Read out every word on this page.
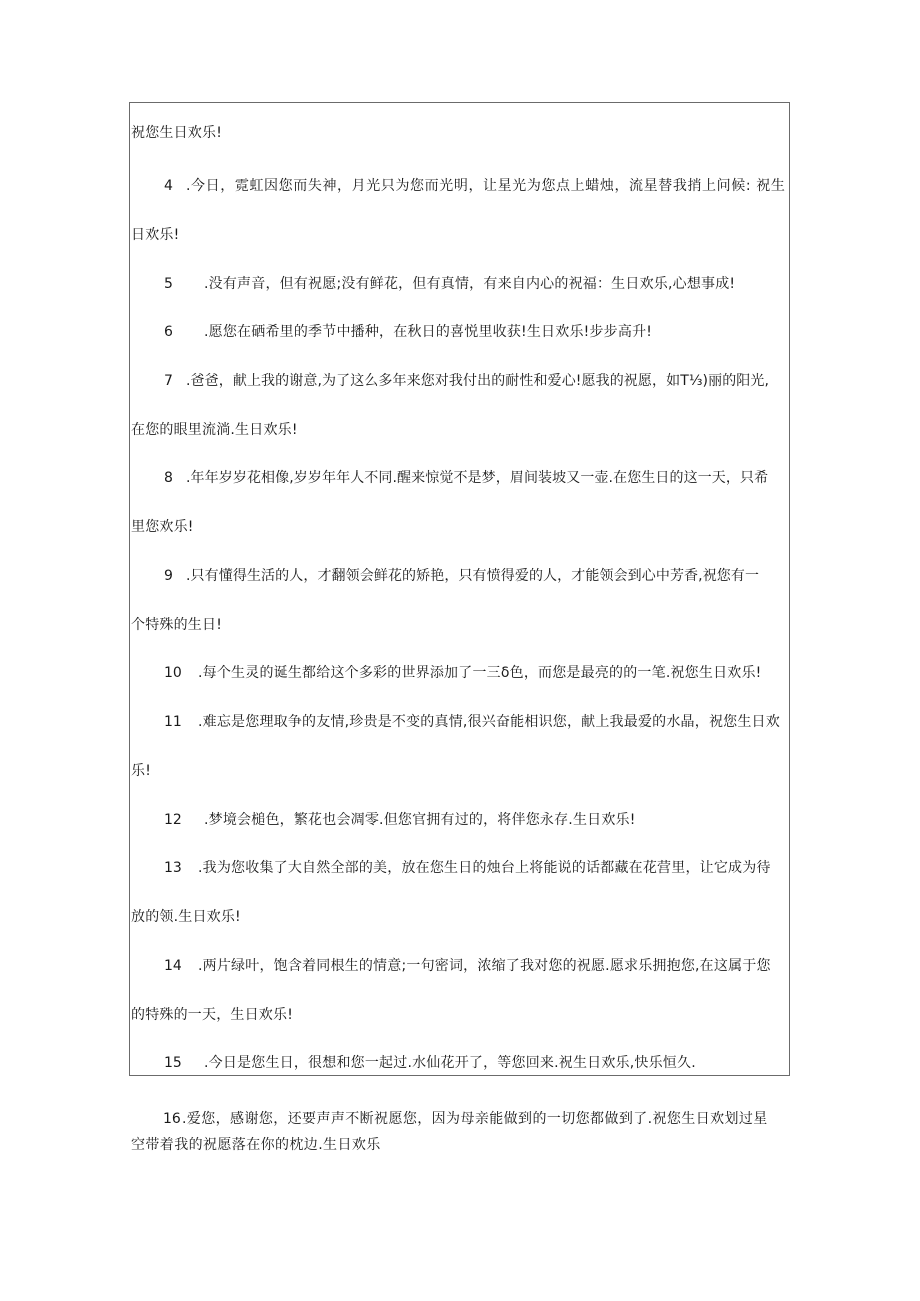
祝您生日欢乐!
4 .今日，霓虹因您而失神，月光只为您而光明，让星光为您点上蜡烛，流星替我捎上问候: 祝生
日欢乐!
5 .没有声音，但有祝愿;没有鲜花，但有真情，有来自内心的祝福：生日欢乐,心想事成!
6 .愿您在硒希里的季节中播种，在秋日的喜悦里收获!生日欢乐!步步高升!
7 .爸爸，献上我的谢意,为了这么多年来您对我付出的耐性和爱心!愿我的祝愿，如T⅓)丽的阳光,
在您的眼里流淌.生日欢乐!
8 .年年岁岁花相像,岁岁年年人不同.醒来惊觉不是梦，眉间装坡又一壶.在您生日的这一天，只希
里您欢乐!
9 .只有懂得生活的人，才翻领会鲜花的矫艳，只有愤得爱的人，才能领会到心中芳香,祝您有一
个特殊的生日!
10 .每个生灵的诞生都给这个多彩的世界添加了一三δ色，而您是最亮的的一笔.祝您生日欢乐!
11 .难忘是您理取争的友情,珍贵是不变的真情,很兴奋能相识您，献上我最爱的水晶，祝您生日欢
乐!
12 .梦境会槌色，繁花也会凋零.但您官拥有过的，将伴您永存.生日欢乐!
13 .我为您收集了大自然全部的美，放在您生日的烛台上将能说的话都藏在花营里，让它成为待
放的领.生日欢乐!
14 .两片绿叶，饱含着同根生的情意;一句密词，浓缩了我对您的祝愿.愿求乐拥抱您,在这属于您
的特殊的一天，生日欢乐!
15 .今日是您生日，很想和您一起过.水仙花开了，等您回来.祝生日欢乐,快乐恒久.
16 .爱您，感谢您，还要声声不断祝愿您，因为母亲能做到的一切您都做到了.祝您生日欢划过星
空带着我的祝愿落在你的枕边.生日欢乐
